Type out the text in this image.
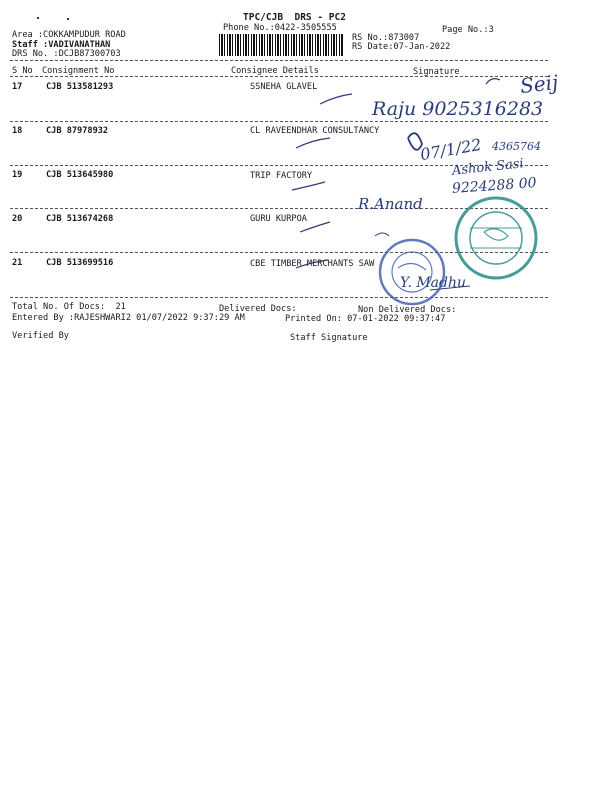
TPC/CJB  DRS - PC2
Phone No.:0422-3505555	Page No.:3
Area :COKKAMPUDUR ROAD
Staff :VADIVANATHAN
DRS No. :DCJB87300703
RS No.:873007
RS Date:07-Jan-2022
S No Consignment No	Consignee Details	Signature
17	CJB 513581293	SSNEHA GLAVEL
18	CJB 87978932	CL RAVEENDHAR CONSULTANCY
19	CJB 513645980	TRIP FACTORY
20	CJB 513674268	GURU KURPOA
21	CJB 513699516	CBE TIMBER MERCHANTS SAW
Seij
Raju 9025316283
07/1/22 4365764
Ashok Sasi
9224288 00
R.Anand
Y. Madhu
Total No. Of Docs:  21	Delivered Docs:	Non Delivered Docs:
Entered By :RAJESHWARI2 01/07/2022 9:37:29 AM	Printed On: 07-01-2022 09:37:47
Verified By	Staff Signature
